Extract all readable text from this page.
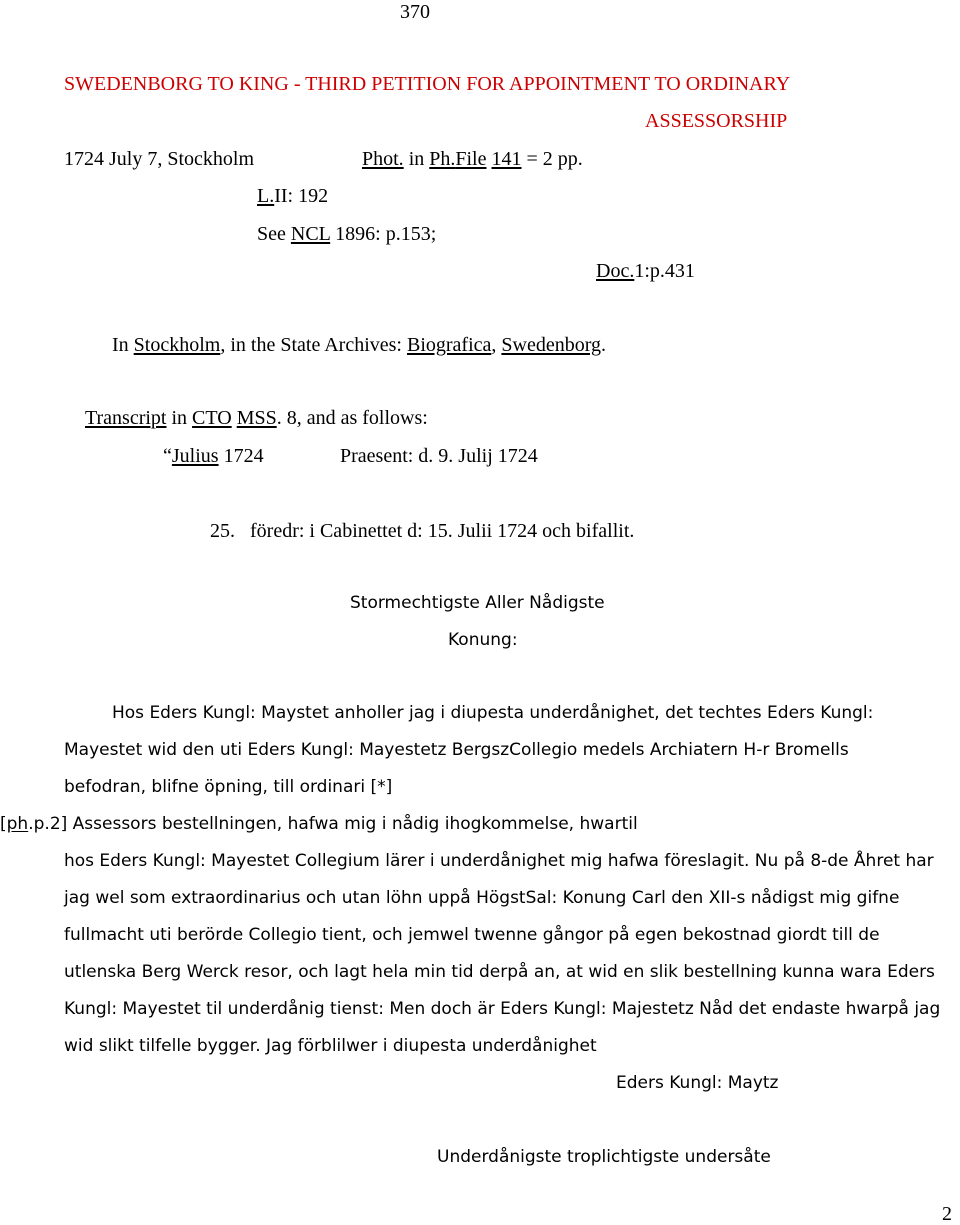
370
SWEDENBORG TO KING - THIRD PETITION FOR APPOINTMENT TO ORDINARY
ASSESSORSHIP
1724 July 7, Stockholm	Phot. in Ph.File 141 = 2 pp.
L.II: 192
See NCL 1896: p.153;
Doc.1:p.431
In Stockholm, in the State Archives: Biografica, Swedenborg.
Transcript in CTO MSS. 8, and as follows:
“Julius 1724	Praesent: d. 9. Julij 1724
25.   föredr: i Cabinettet d: 15. Julii 1724 och bifallit.
Stormechtigste Aller Nådigste
Konung:
Hos Eders Kungl: Maystet anholler jag i diupesta underdånighet, det techtes Eders Kungl:
Mayestet wid den uti Eders Kungl: Mayestetz BergszCollegio medels Archiatern H-r Bromells
befodran, blifne öpning, till ordinari [*]
[ph.p.2] Assessors bestellningen, hafwa mig i nådig ihogkommelse, hwartil
hos Eders Kungl: Mayestet Collegium lärer i underdånighet mig hafwa föreslagit. Nu på 8-de Åhret har
jag wel som extraordinarius och utan löhn uppå HögstSal: Konung Carl den XII-s nådigst mig gifne
fullmacht uti berörde Collegio tient, och jemwel twenne gångor på egen bekostnad giordt till de
utlenska Berg Werck resor, och lagt hela min tid derpå an, at wid en slik bestellning kunna wara Eders
Kungl: Mayestet til underdånig tienst: Men doch är Eders Kungl: Majestetz Nåd det endaste hwarpå jag
wid slikt tilfelle bygger. Jag förblilwer i diupesta underdånighet
Eders Kungl: Maytz
Underdånigste troplichtigste undersåte
2
